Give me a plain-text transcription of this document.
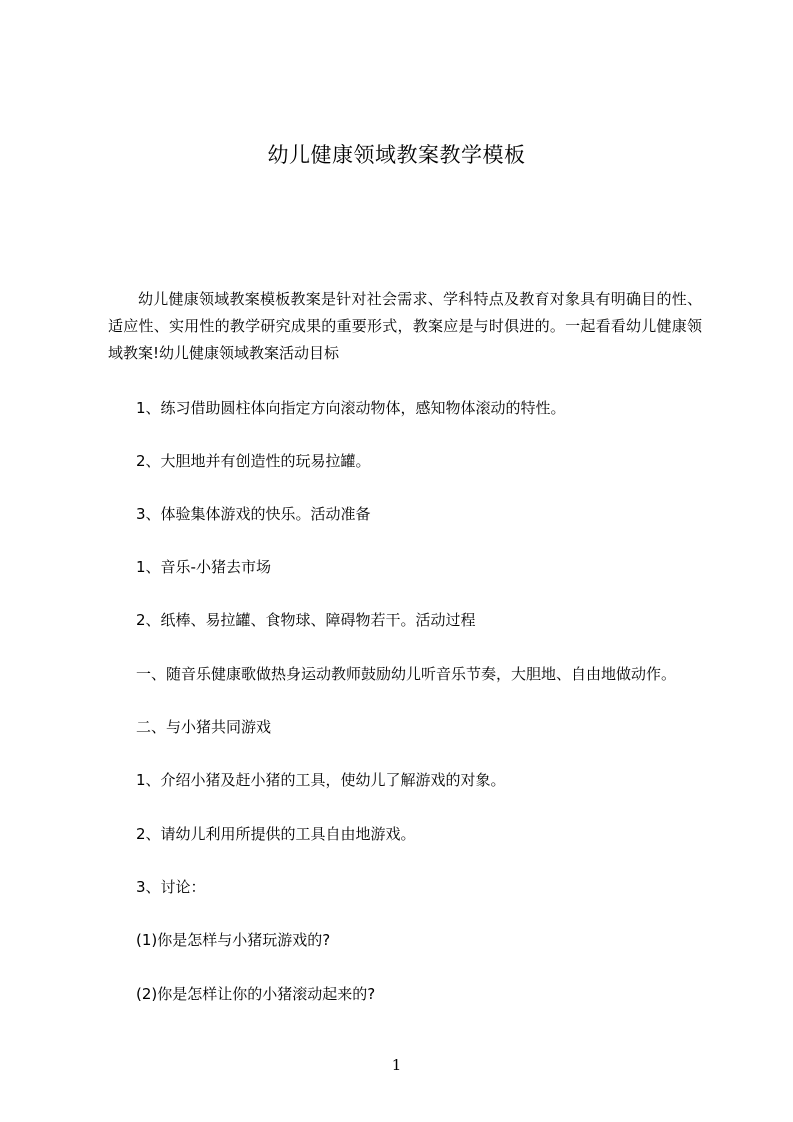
幼儿健康领域教案教学模板

幼儿健康领域教案模板教案是针对社会需求、学科特点及教育对象具有明确目的性、适应性、实用性的教学研究成果的重要形式，教案应是与时俱进的。一起看看幼儿健康领域教案!幼儿健康领域教案活动目标

1、练习借助圆柱体向指定方向滚动物体，感知物体滚动的特性。

2、大胆地并有创造性的玩易拉罐。

3、体验集体游戏的快乐。活动准备

1、音乐-小猪去市场

2、纸棒、易拉罐、食物球、障碍物若干。活动过程

一、随音乐健康歌做热身运动教师鼓励幼儿听音乐节奏，大胆地、自由地做动作。

二、与小猪共同游戏

1、介绍小猪及赶小猪的工具，使幼儿了解游戏的对象。

2、请幼儿利用所提供的工具自由地游戏。

3、讨论：

(1)你是怎样与小猪玩游戏的?

(2)你是怎样让你的小猪滚动起来的?

1
